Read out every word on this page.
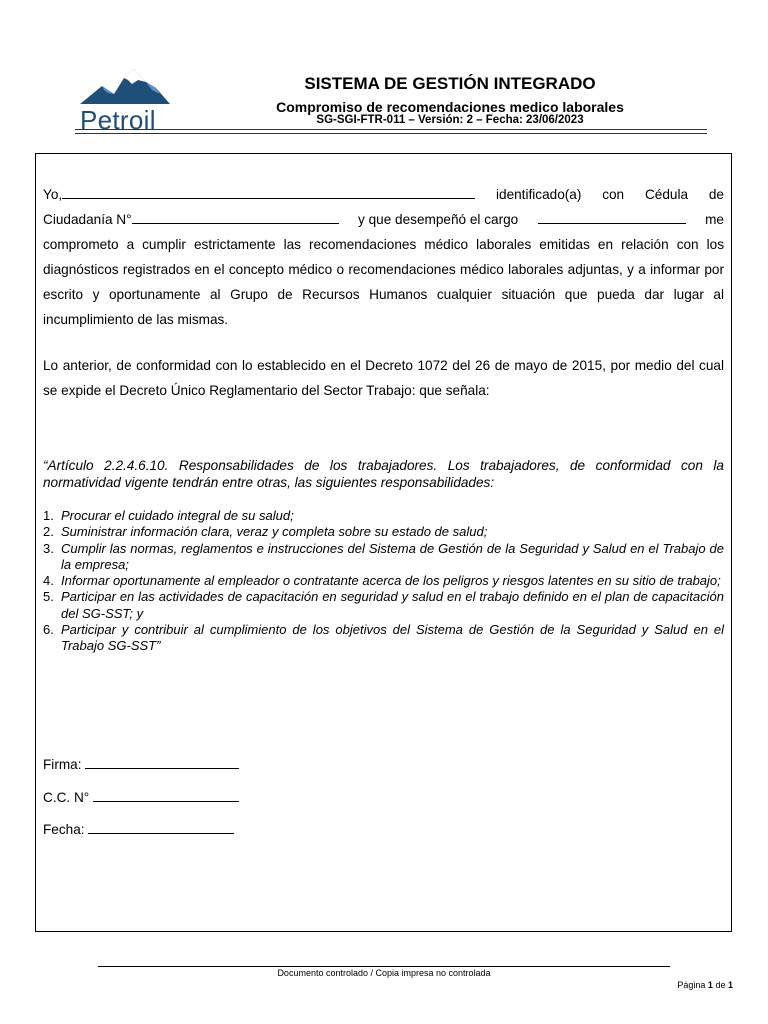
Petroil
SISTEMA DE GESTIÓN INTEGRADO
Compromiso de recomendaciones medico laborales
SG-SGI-FTR-011 – Versión: 2 – Fecha: 23/06/2023
Yo,	identificado(a) con Cédula de
Ciudadanía N°	y que desempeñó el cargo	me
comprometo a cumplir estrictamente las recomendaciones médico laborales emitidas en relación con los diagnósticos registrados en el concepto médico o recomendaciones médico laborales adjuntas, y a informar por escrito y oportunamente al Grupo de Recursos Humanos cualquier situación que pueda dar lugar al incumplimiento de las mismas.

Lo anterior, de conformidad con lo establecido en el Decreto 1072 del 26 de mayo de 2015, por medio del cual se expide el Decreto Único Reglamentario del Sector Trabajo: que señala:

“Artículo 2.2.4.6.10. Responsabilidades de los trabajadores. Los trabajadores, de conformidad con la normatividad vigente tendrán entre otras, las siguientes responsabilidades:

1. Procurar el cuidado integral de su salud;
2. Suministrar información clara, veraz y completa sobre su estado de salud;
3. Cumplir las normas, reglamentos e instrucciones del Sistema de Gestión de la Seguridad y Salud en el Trabajo de la empresa;
4. Informar oportunamente al empleador o contratante acerca de los peligros y riesgos latentes en su sitio de trabajo;
5. Participar en las actividades de capacitación en seguridad y salud en el trabajo definido en el plan de capacitación del SG-SST; y
6. Participar y contribuir al cumplimiento de los objetivos del Sistema de Gestión de la Seguridad y Salud en el Trabajo SG-SST”
Firma:
C.C. N°
Fecha:
Documento controlado / Copia impresa no controlada
Página 1 de 1
